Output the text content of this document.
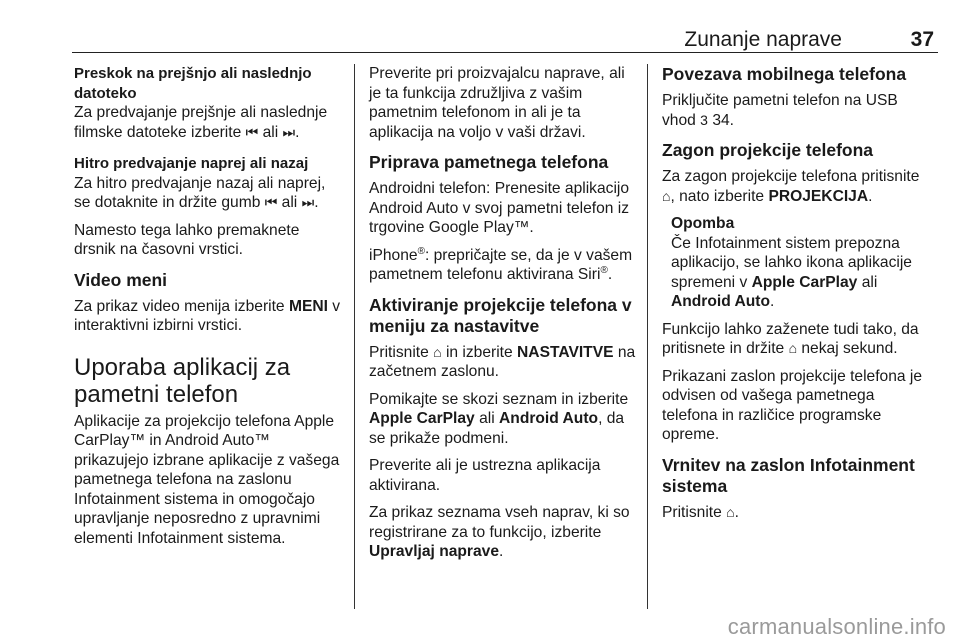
Zunanje naprave	37

Preskok na prejšnjo ali naslednjo datoteko

Za predvajanje prejšnje ali naslednje filmske datoteke izberite ⏮ ali ⏭.

Hitro predvajanje naprej ali nazaj

Za hitro predvajanje nazaj ali naprej, se dotaknite in držite gumb ⏮ ali ⏭.

Namesto tega lahko premaknete drsnik na časovni vrstici.

Video meni

Za prikaz video menija izberite MENI v interaktivni izbirni vrstici.

Uporaba aplikacij za pametni telefon

Aplikacije za projekcijo telefona Apple CarPlay™ in Android Auto™ prikazujejo izbrane aplikacije z vašega pametnega telefona na zaslonu Infotainment sistema in omogočajo upravljanje neposredno z upravnimi elementi Infotainment sistema.

Preverite pri proizvajalcu naprave, ali je ta funkcija združljiva z vašim pametnim telefonom in ali je ta aplikacija na voljo v vaši državi.

Priprava pametnega telefona

Androidni telefon: Prenesite aplikacijo Android Auto v svoj pametni telefon iz trgovine Google Play™.

iPhone®: prepričajte se, da je v vašem pametnem telefonu aktivirana Siri®.

Aktiviranje projekcije telefona v meniju za nastavitve

Pritisnite ⌂ in izberite NASTAVITVE na začetnem zaslonu.

Pomikajte se skozi seznam in izberite Apple CarPlay ali Android Auto, da se prikaže podmeni.

Preverite ali je ustrezna aplikacija aktivirana.

Za prikaz seznama vseh naprav, ki so registrirane za to funkcijo, izberite Upravljaj naprave.

Povezava mobilnega telefona

Priključite pametni telefon na USB vhod 3 34.

Zagon projekcije telefona

Za zagon projekcije telefona pritisnite ⌂, nato izberite PROJEKCIJA.

Opomba
Če Infotainment sistem prepozna aplikacijo, se lahko ikona aplikacije spremeni v Apple CarPlay ali Android Auto.

Funkcijo lahko zaženete tudi tako, da pritisnete in držite ⌂ nekaj sekund.

Prikazani zaslon projekcije telefona je odvisen od vašega pametnega telefona in različice programske opreme.

Vrnitev na zaslon Infotainment sistema

Pritisnite ⌂.

carmanualsonline.info
